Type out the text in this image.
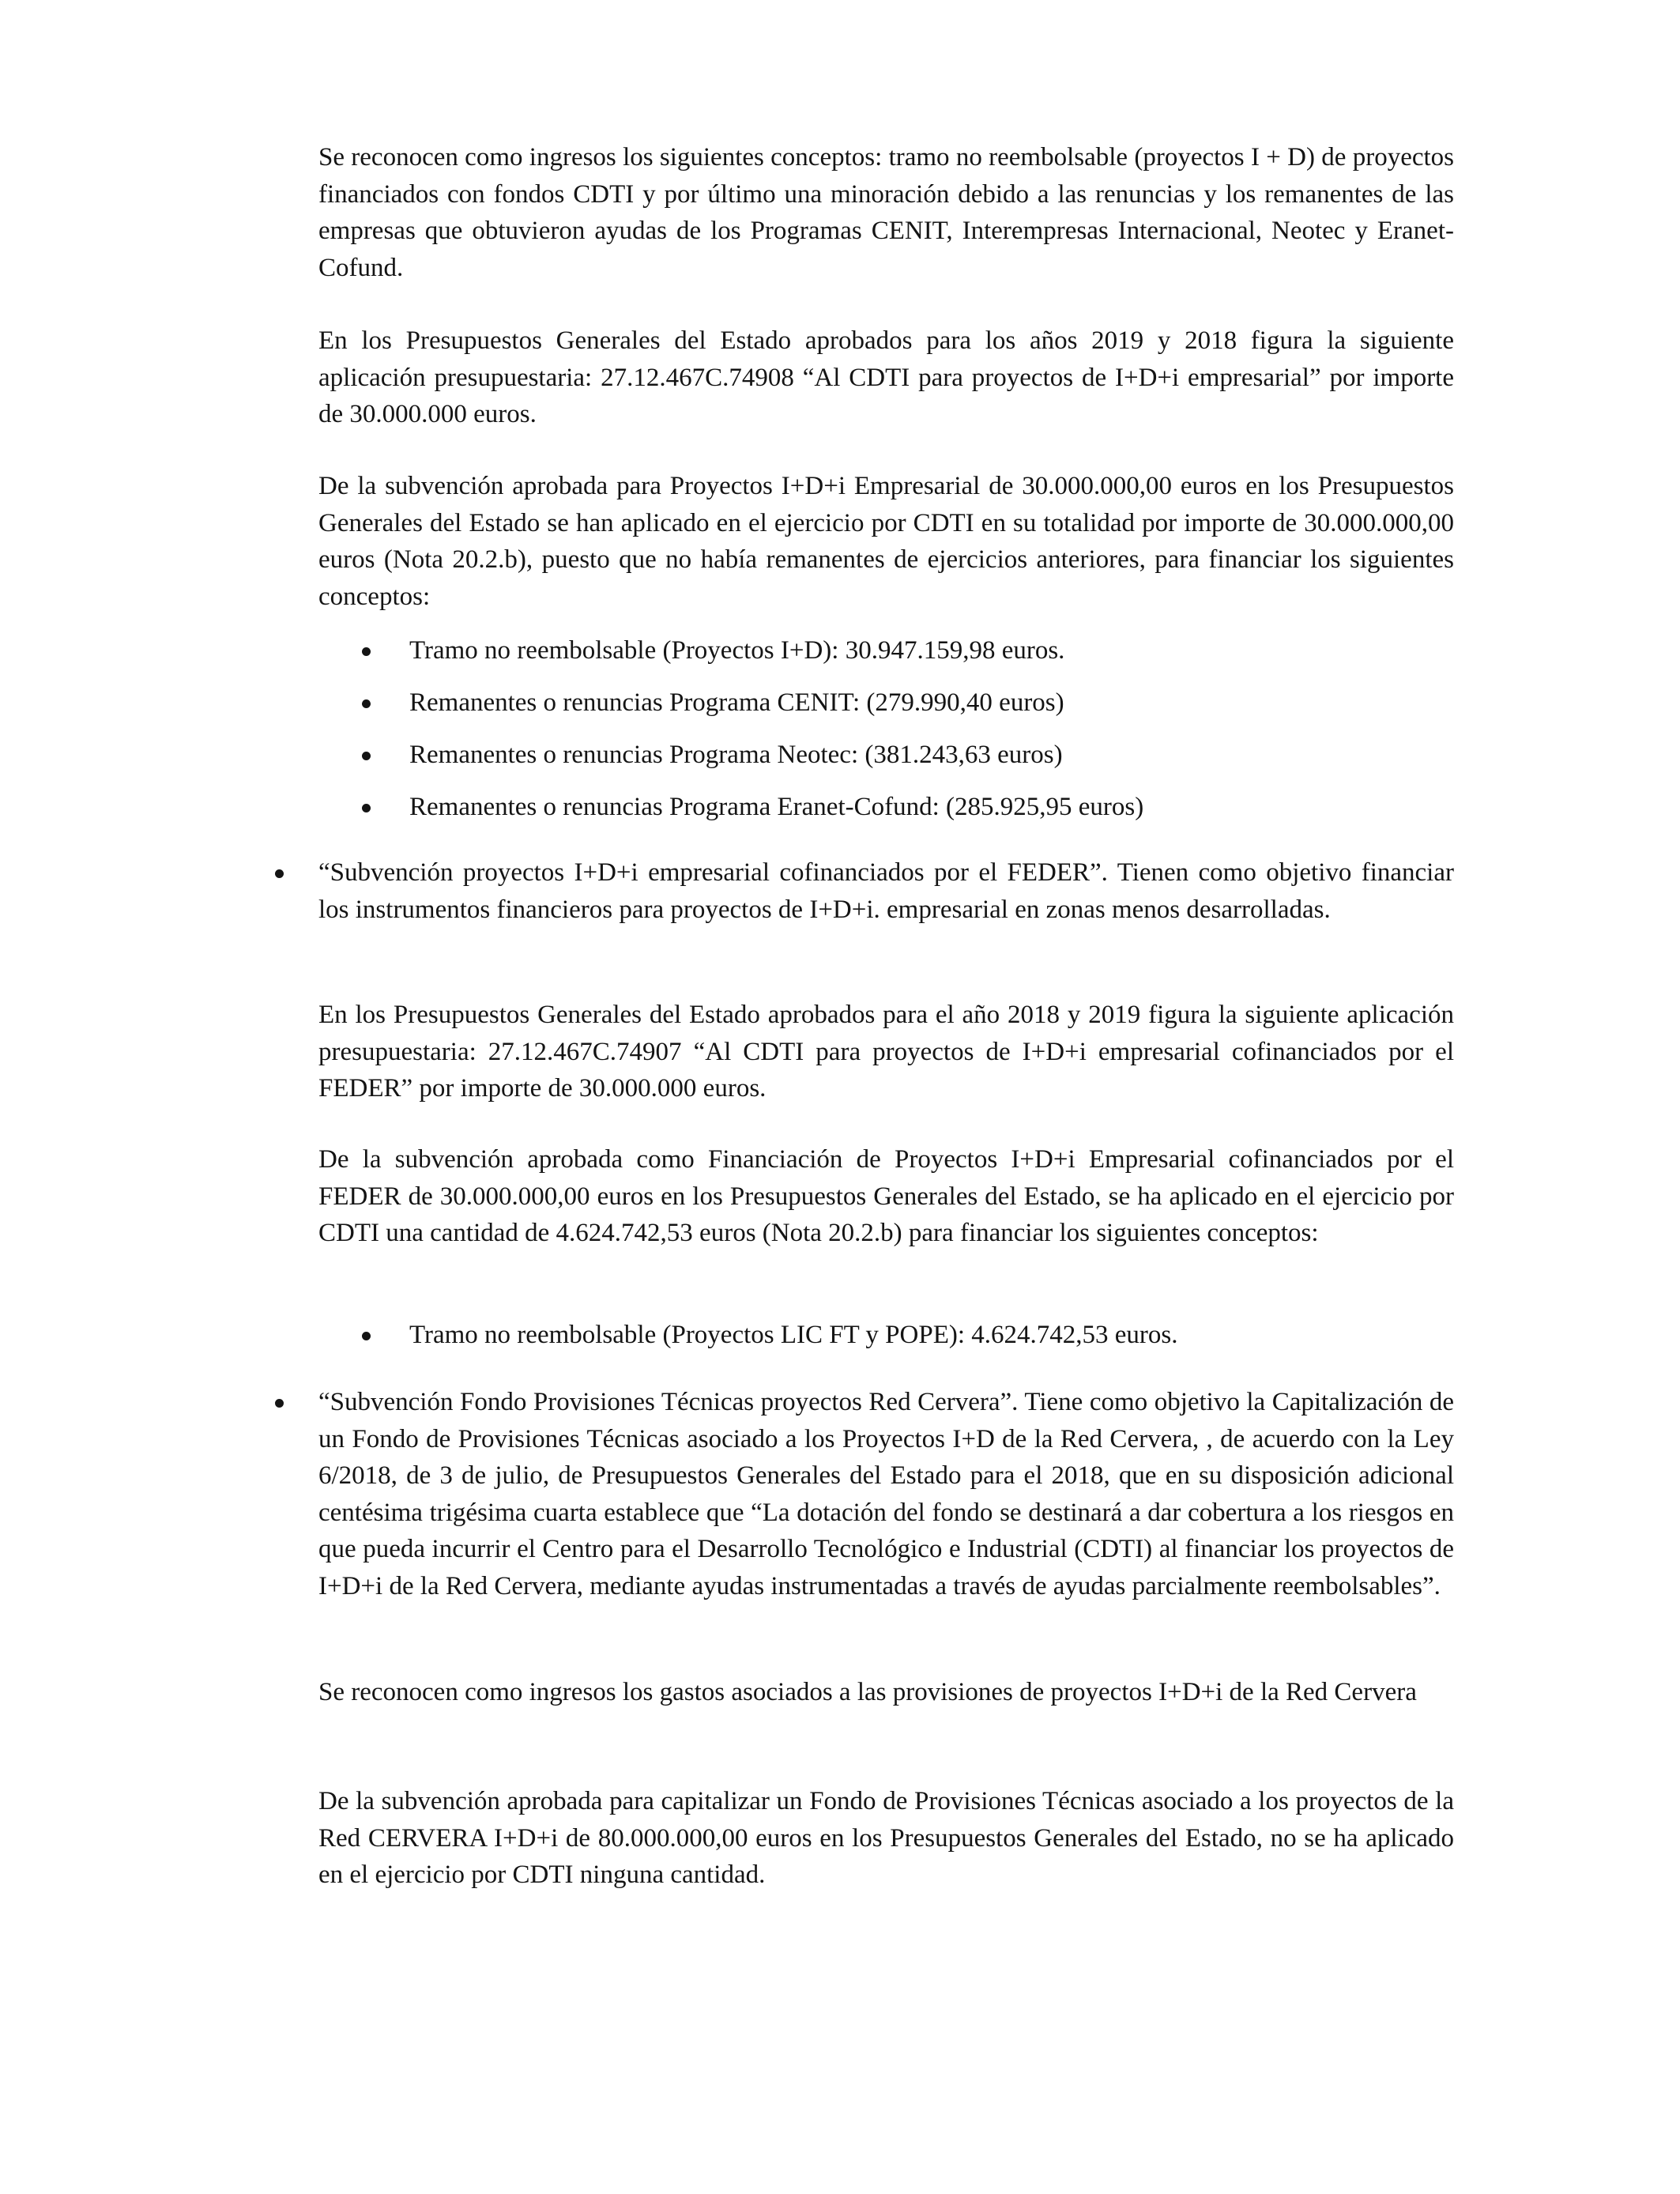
Se reconocen como ingresos los siguientes conceptos: tramo no reembolsable (proyectos I + D) de proyectos financiados con fondos CDTI y por último una minoración debido a las renuncias y los remanentes de las empresas que obtuvieron ayudas de los Programas CENIT, Interempresas Internacional, Neotec y Eranet-Cofund.

En los Presupuestos Generales del Estado aprobados para los años 2019 y 2018 figura la siguiente aplicación presupuestaria: 27.12.467C.74908 “Al CDTI para proyectos de I+D+i empresarial” por importe de 30.000.000 euros.

De la subvención aprobada para Proyectos I+D+i Empresarial de 30.000.000,00 euros en los Presupuestos Generales del Estado se han aplicado en el ejercicio por CDTI en su totalidad por importe de 30.000.000,00 euros (Nota 20.2.b), puesto que no había remanentes de ejercicios anteriores, para financiar los siguientes conceptos:

Tramo no reembolsable (Proyectos I+D): 30.947.159,98 euros.

Remanentes o renuncias Programa CENIT: (279.990,40 euros)

Remanentes o renuncias Programa Neotec: (381.243,63 euros)

Remanentes o renuncias Programa Eranet-Cofund: (285.925,95 euros)

“Subvención proyectos I+D+i empresarial cofinanciados por el FEDER”. Tienen como objetivo financiar los instrumentos financieros para proyectos de I+D+i. empresarial en zonas menos desarrolladas.

En los Presupuestos Generales del Estado aprobados para el año 2018 y 2019 figura la siguiente aplicación presupuestaria: 27.12.467C.74907 “Al CDTI para proyectos de I+D+i empresarial cofinanciados por el FEDER” por importe de 30.000.000 euros.

De la subvención aprobada como Financiación de Proyectos I+D+i Empresarial cofinanciados por el FEDER de 30.000.000,00 euros en los Presupuestos Generales del Estado, se ha aplicado en el ejercicio por CDTI una cantidad de 4.624.742,53 euros (Nota 20.2.b) para financiar los siguientes conceptos:

Tramo no reembolsable (Proyectos LIC FT y POPE): 4.624.742,53 euros.

“Subvención Fondo Provisiones Técnicas proyectos Red Cervera”. Tiene como objetivo la Capitalización de un Fondo de Provisiones Técnicas asociado a los Proyectos I+D de la Red Cervera, , de acuerdo con la Ley 6/2018, de 3 de julio, de Presupuestos Generales del Estado para el 2018, que en su disposición adicional centésima trigésima cuarta establece que “La dotación del fondo se destinará a dar cobertura a los riesgos en que pueda incurrir el Centro para el Desarrollo Tecnológico e Industrial (CDTI) al financiar los proyectos de I+D+i de la Red Cervera, mediante ayudas instrumentadas a través de ayudas parcialmente reembolsables”.

Se reconocen como ingresos los gastos asociados a las provisiones de proyectos I+D+i de la Red Cervera

De la subvención aprobada para capitalizar un Fondo de Provisiones Técnicas asociado a los proyectos de la Red CERVERA I+D+i de 80.000.000,00 euros en los Presupuestos Generales del Estado, no se ha aplicado en el ejercicio por CDTI ninguna cantidad.
